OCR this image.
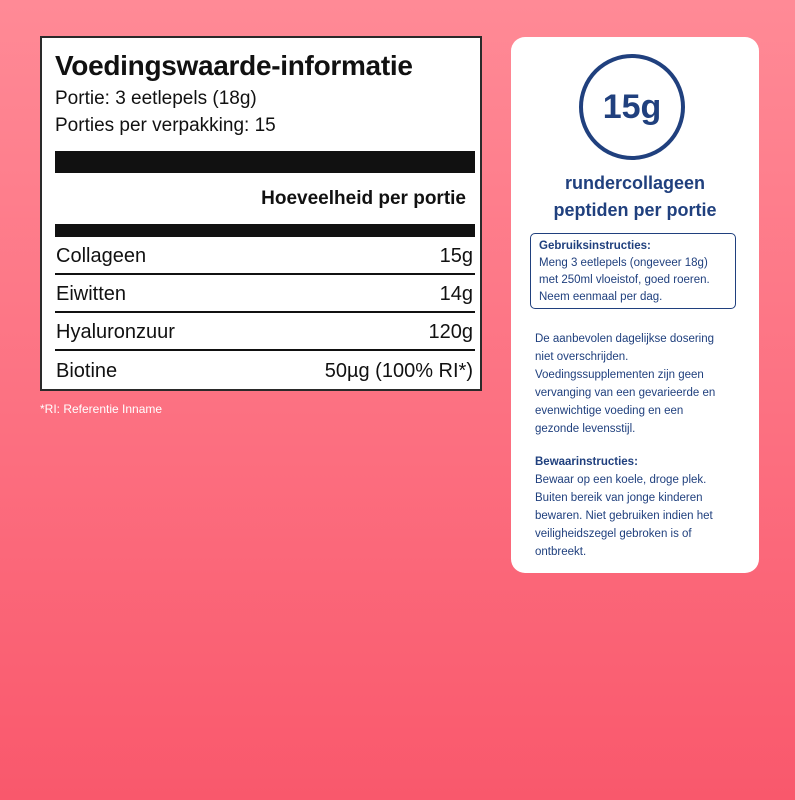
Voedingswaarde-informatie
Portie: 3 eetlepels (18g)
Porties per verpakking: 15
Hoeveelheid per portie
Collageen	15g
Eiwitten	14g
Hyaluronzuur	120g
Biotine	50µg (100% RI*)
*RI: Referentie Inname
15g
rundercollageen
peptiden per portie
Gebruiksinstructies:
Meng 3 eetlepels (ongeveer 18g)
met 250ml vloeistof, goed roeren.
Neem eenmaal per dag.
De aanbevolen dagelijkse dosering
niet overschrijden.
Voedingssupplementen zijn geen
vervanging van een gevarieerde en
evenwichtige voeding en een
gezonde levensstijl.
Bewaarinstructies:
Bewaar op een koele, droge plek.
Buiten bereik van jonge kinderen
bewaren. Niet gebruiken indien het
veiligheidszegel gebroken is of
ontbreekt.
